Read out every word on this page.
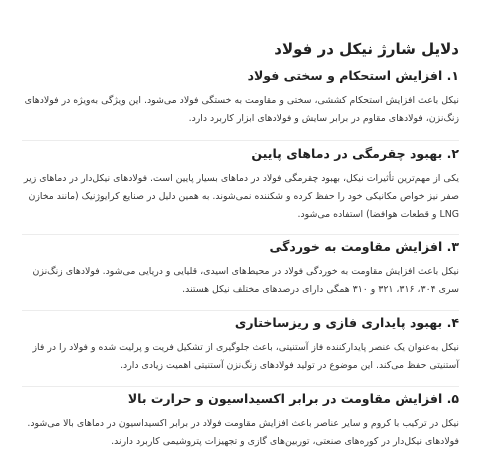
دلایل شارژ نیکل در فولاد
۱. افزایش استحکام و سختی فولاد

نیکل باعث افزایش استحکام کششی، سختی و مقاومت به خستگی فولاد می‌شود. این ویژگی به‌ویژه در فولادهای زنگ‌نزن، فولادهای مقاوم در برابر سایش و فولادهای ابزار کاربرد دارد.

۲. بهبود چقرمگی در دماهای پایین

یکی از مهم‌ترین تأثیرات نیکل، بهبود چقرمگی فولاد در دماهای بسیار پایین است. فولادهای نیکل‌دار در دماهای زیر صفر نیز خواص مکانیکی خود را حفظ کرده و شکننده نمی‌شوند. به همین دلیل در صنایع کرایوژنیک (مانند مخازن LNG و قطعات هوافضا) استفاده می‌شود.

۳. افزایش مقاومت به خوردگی

نیکل باعث افزایش مقاومت به خوردگی فولاد در محیط‌های اسیدی، قلیایی و دریایی می‌شود. فولادهای زنگ‌نزن سری ۳۰۴، ۳۱۶، ۳۲۱ و ۳۱۰ همگی دارای درصدهای مختلف نیکل هستند.

۴. بهبود پایداری فازی و ریزساختاری

نیکل به‌عنوان یک عنصر پایدارکننده فاز آستنیتی، باعث جلوگیری از تشکیل فریت و پرلیت شده و فولاد را در فاز آستنیتی حفظ می‌کند. این موضوع در تولید فولادهای زنگ‌نزن آستنیتی اهمیت زیادی دارد.

۵. افزایش مقاومت در برابر اکسیداسیون و حرارت بالا

نیکل در ترکیب با کروم و سایر عناصر باعث افزایش مقاومت فولاد در برابر اکسیداسیون در دماهای بالا می‌شود. فولادهای نیکل‌دار در کوره‌های صنعتی، توربین‌های گازی و تجهیزات پتروشیمی کاربرد دارند.
